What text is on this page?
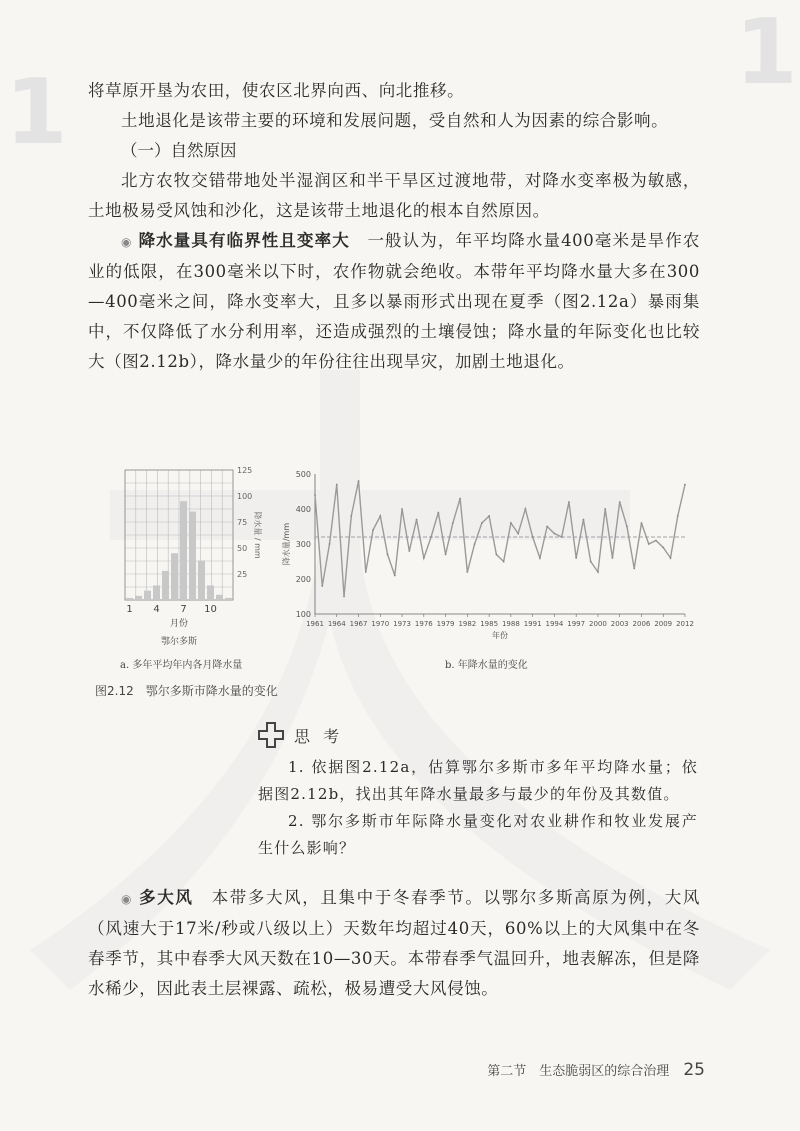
1
1

将草原开垦为农田，使农区北界向西、向北推移。

土地退化是该带主要的环境和发展问题，受自然和人为因素的综合影响。

（一）自然原因

北方农牧交错带地处半湿润区和半干旱区过渡地带，对降水变率极为敏感，土地极易受风蚀和沙化，这是该带土地退化的根本自然原因。

◉ 降水量具有临界性且变率大　 一般认为，年平均降水量400毫米是旱作农业的低限，在300毫米以下时，农作物就会绝收。本带年平均降水量大多在300—400毫米之间，降水变率大，且多以暴雨形式出现在夏季（图2.12a）暴雨集中，不仅降低了水分利用率，还造成强烈的土壤侵蚀；降水量的年际变化也比较大（图2.12b），降水量少的年份往往出现旱灾，加剧土地退化。

25
50
75
100
125
1 4 7 10
月份
鄂尔多斯
降水量 / mm
100
200
300
400
500
1961 1964 1967 1970 1973 1976 1979 1982 1985 1988 1991 1994 1997 2000 2003 2006 2009 2012
年份
降水量/mm
a. 多年平均年内各月降水量	b. 年降水量的变化
图2.12　鄂尔多斯市降水量的变化
思 考

1. 依据图2.12a，估算鄂尔多斯市多年平均降水量；依据图2.12b，找出其年降水量最多与最少的年份及其数值。

2. 鄂尔多斯市年际降水量变化对农业耕作和牧业发展产生什么影响？

◉ 多大风　 本带多大风，且集中于冬春季节。以鄂尔多斯高原为例，大风（风速大于17米/秒或八级以上）天数年均超过40天，60%以上的大风集中在冬春季节，其中春季大风天数在10—30天。本带春季气温回升，地表解冻，但是降水稀少，因此表土层裸露、疏松，极易遭受大风侵蚀。

第二节　生态脆弱区的综合治理 25
